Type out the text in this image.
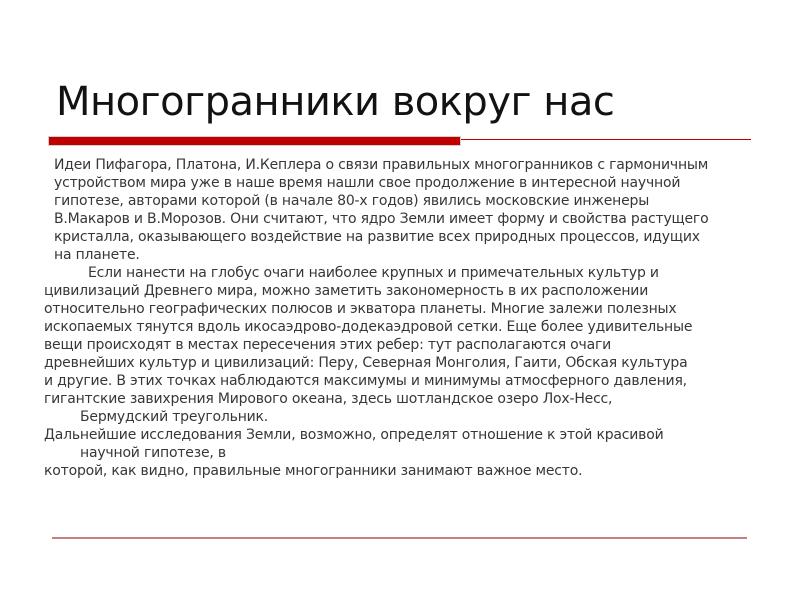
Многогранники вокруг нас
Идеи Пифагора, Платона, И.Кеплера о связи правильных многогранников с гармоничным
устройством мира уже в наше время нашли свое продолжение в интересной научной
гипотезе, авторами которой (в начале 80-х годов) явились московские инженеры
В.Макаров и В.Морозов. Они считают, что ядро Земли имеет форму и свойства растущего
кристалла, оказывающего воздействие на развитие всех природных процессов, идущих
на планете.
Если нанести на глобус очаги наиболее крупных и примечательных культур и
цивилизаций Древнего мира, можно заметить закономерность в их расположении
относительно географических полюсов и экватора планеты. Многие залежи полезных
ископаемых тянутся вдоль икосаэдрово-додекаэдровой сетки. Еще более удивительные
вещи происходят в местах пересечения этих ребер: тут располагаются очаги
древнейших культур и цивилизаций: Перу, Северная Монголия, Гаити, Обская культура
и другие. В этих точках наблюдаются максимумы и минимумы атмосферного давления,
гигантские завихрения Мирового океана, здесь шотландское озеро Лох-Несс,
Бермудский треугольник.
Дальнейшие исследования Земли, возможно, определят отношение к этой красивой
научной гипотезе, в
которой, как видно, правильные многогранники занимают важное место.
